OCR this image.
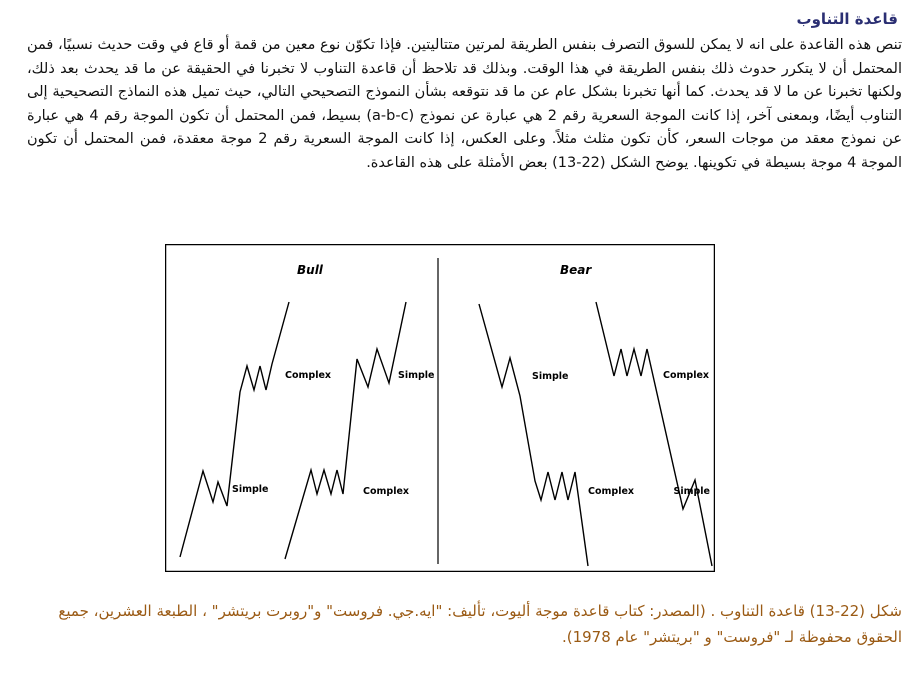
قاعدة التناوب
تنص هذه القاعدة على انه لا يمكن للسوق التصرف بنفس الطريقة لمرتين متتاليتين. فإذا تكوّن نوع معين من قمة أو قاع في وقت حديث نسبيًا، فمن المحتمل أن لا يتكرر حدوث ذلك بنفس الطريقة في هذا الوقت. وبذلك قد تلاحظ أن قاعدة التناوب لا تخبرنا في الحقيقة عن ما قد يحدث بعد ذلك، ولكنها تخبرنا عن ما لا قد يحدث. كما أنها تخبرنا بشكل عام عن ما قد نتوقعه بشأن النموذج التصحيحي التالي، حيث تميل هذه النماذج التصحيحية إلى التناوب أيضًا، وبمعنى آخر، إذا كانت الموجة السعرية رقم 2 هي عبارة عن نموذج (a-b-c) بسيط، فمن المحتمل أن تكون الموجة رقم 4 هي عبارة عن نموذج معقد من موجات السعر، كأن تكون مثلث مثلاً. وعلى العكس، إذا كانت الموجة السعرية رقم 2 موجة معقدة، فمن المحتمل أن تكون الموجة 4 موجة بسيطة في تكوينها. يوضح الشكل (22-13) بعض الأمثلة على هذه القاعدة.
Bull	Bear
Complex
Simple
Simple
Complex
Simple
Complex
Complex
Simple
شكل (22-13) قاعدة التناوب . (المصدر: كتاب قاعدة موجة أليوت، تأليف: "ايه.جي. فروست" و"روبرت بريتشر" ، الطبعة العشرين، جميع الحقوق محفوظة لـ "فروست" و "بريتشر" عام 1978).
